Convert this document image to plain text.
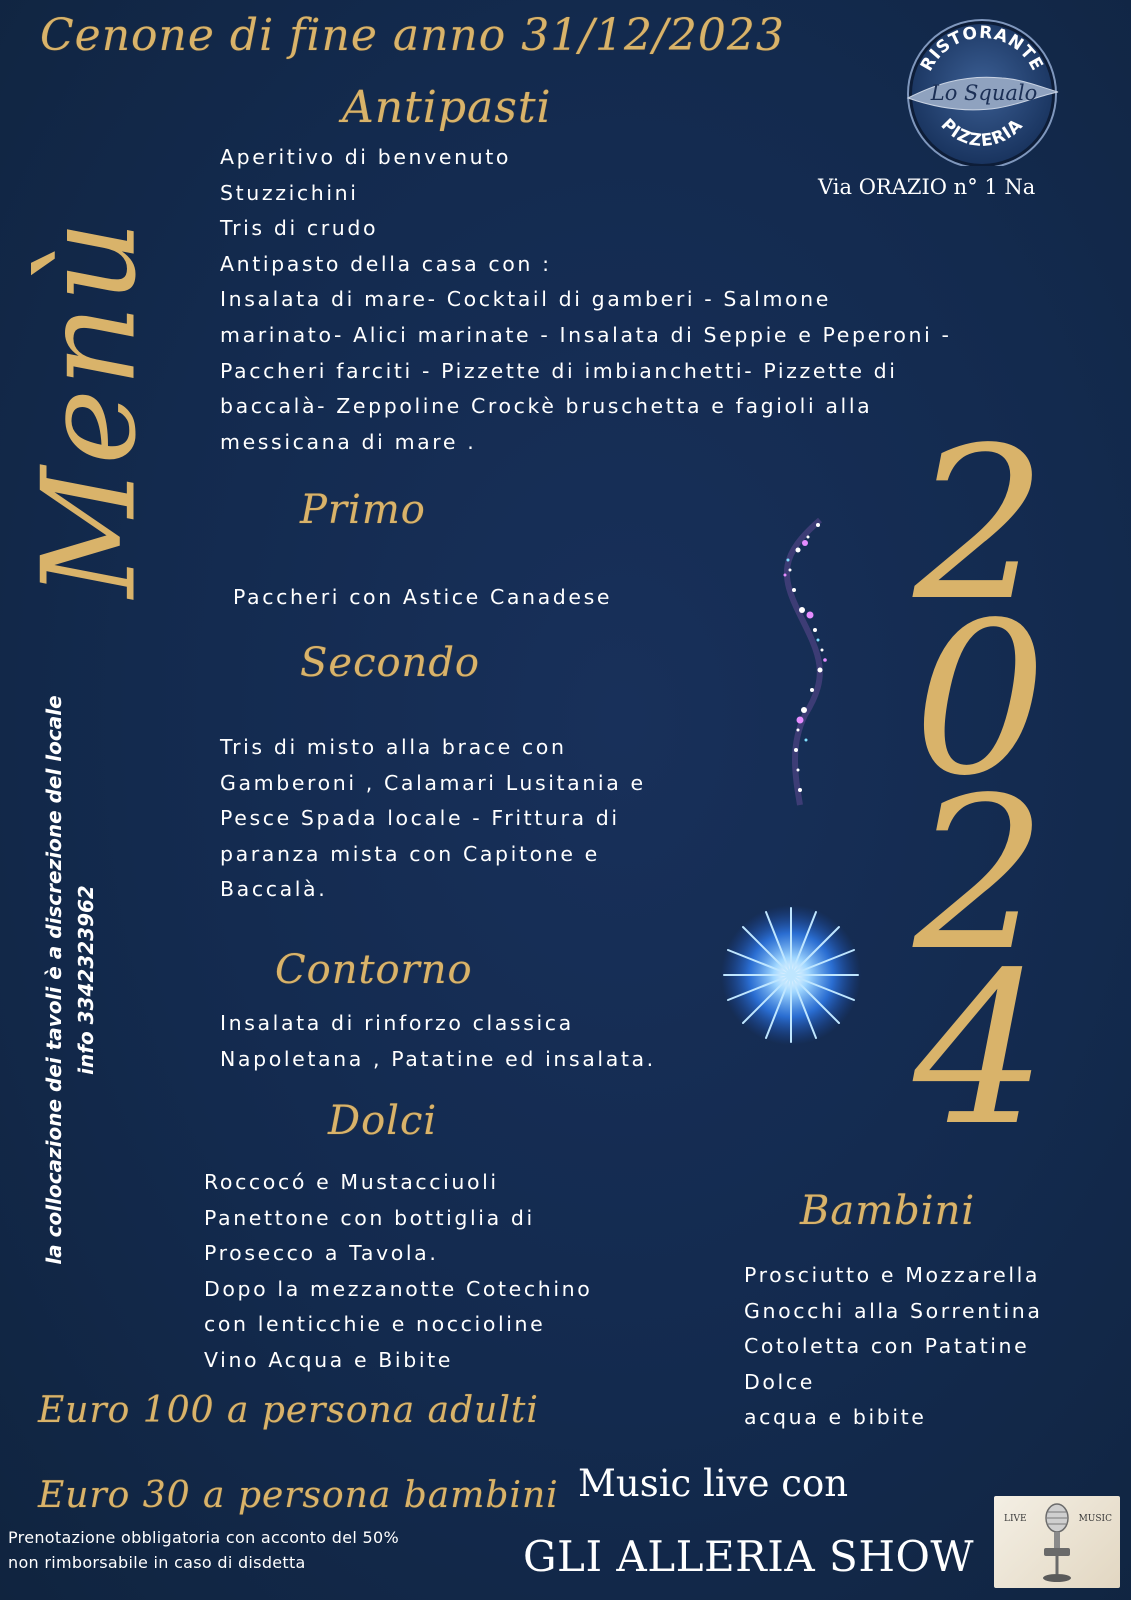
Cenone di fine anno 31/12/2023
RISTORANTE
PIZZERIA
Lo Squalo
Via ORAZIO n° 1 Na
Menù
la collocazione dei tavoli è a discrezione del locale info 3342323962
Antipasti
Aperitivo di benvenuto
Stuzzichini
Tris di crudo
Antipasto della casa con :
Insalata di mare- Cocktail di gamberi - Salmone
marinato- Alici marinate - Insalata di Seppie e Peperoni -
Paccheri farciti - Pizzette di imbianchetti- Pizzette di
baccalà- Zeppoline Crockè bruschetta e fagioli alla
messicana di mare .
Primo
Paccheri con Astice Canadese
Secondo
Tris di misto alla brace con
Gamberoni , Calamari Lusitania e
Pesce Spada locale - Frittura di
paranza mista con Capitone e
Baccalà.
Contorno
Insalata di rinforzo classica
Napoletana , Patatine ed insalata.
Dolci
Roccocó e Mustacciuoli
Panettone con bottiglia di
Prosecco a Tavola.
Dopo la mezzanotte Cotechino
con lenticchie e noccioline
Vino Acqua e Bibite
Bambini
Prosciutto e Mozzarella
Gnocchi alla Sorrentina
Cotoletta con Patatine
Dolce
acqua e bibite
2
0
2
4
Euro 100 a persona adulti
Euro 30 a persona bambini
Prenotazione obbligatoria con acconto del 50%
non rimborsabile in caso di disdetta
Music live con
GLI ALLERIA SHOW
LIVE	MUSIC
